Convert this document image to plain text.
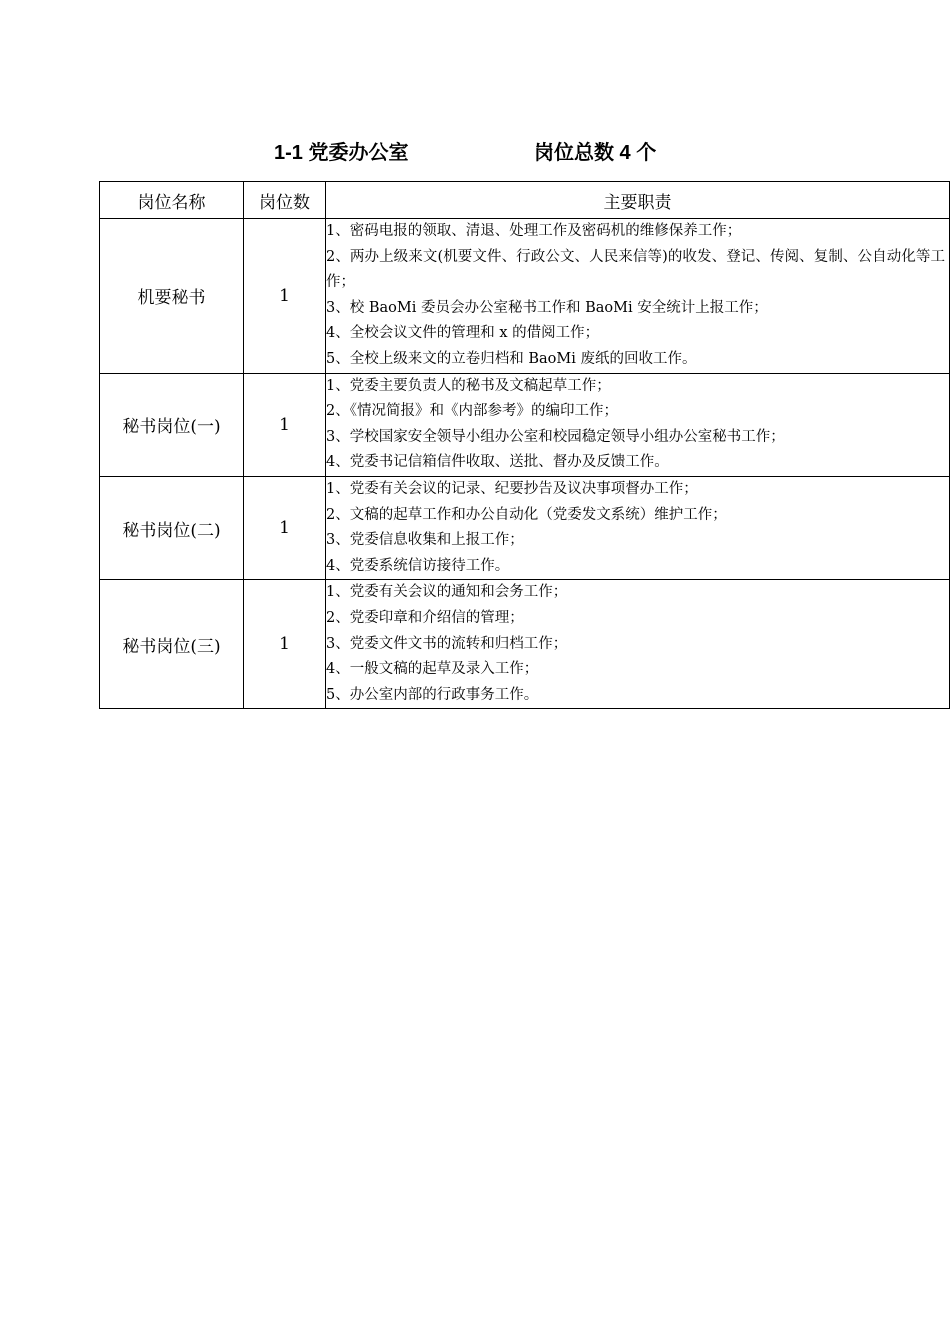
1-1 党委办公室	岗位总数 4 个
岗位名称	岗位数	主要职责
机要秘书	1	1、密码电报的领取、清退、处理工作及密码机的维修保养工作；
2、两办上级来文(机要文件、行政公文、人民来信等)的收发、登记、传阅、复制、公自动化等工作；
3、校 BaoMi 委员会办公室秘书工作和 BaoMi 安全统计上报工作；
4、全校会议文件的管理和 x 的借阅工作；
5、全校上级来文的立卷归档和 BaoMi 废纸的回收工作。

秘书岗位(一)	1	1、党委主要负责人的秘书及文稿起草工作；
2、《情况简报》和《内部参考》的编印工作；
3、学校国家安全领导小组办公室和校园稳定领导小组办公室秘书工作；
4、党委书记信箱信件收取、送批、督办及反馈工作。

秘书岗位(二)	1	1、党委有关会议的记录、纪要抄告及议决事项督办工作；
2、文稿的起草工作和办公自动化（党委发文系统）维护工作；
3、党委信息收集和上报工作；
4、党委系统信访接待工作。

秘书岗位(三)	1	1、党委有关会议的通知和会务工作；
2、党委印章和介绍信的管理；
3、党委文件文书的流转和归档工作；
4、一般文稿的起草及录入工作；
5、办公室内部的行政事务工作。
